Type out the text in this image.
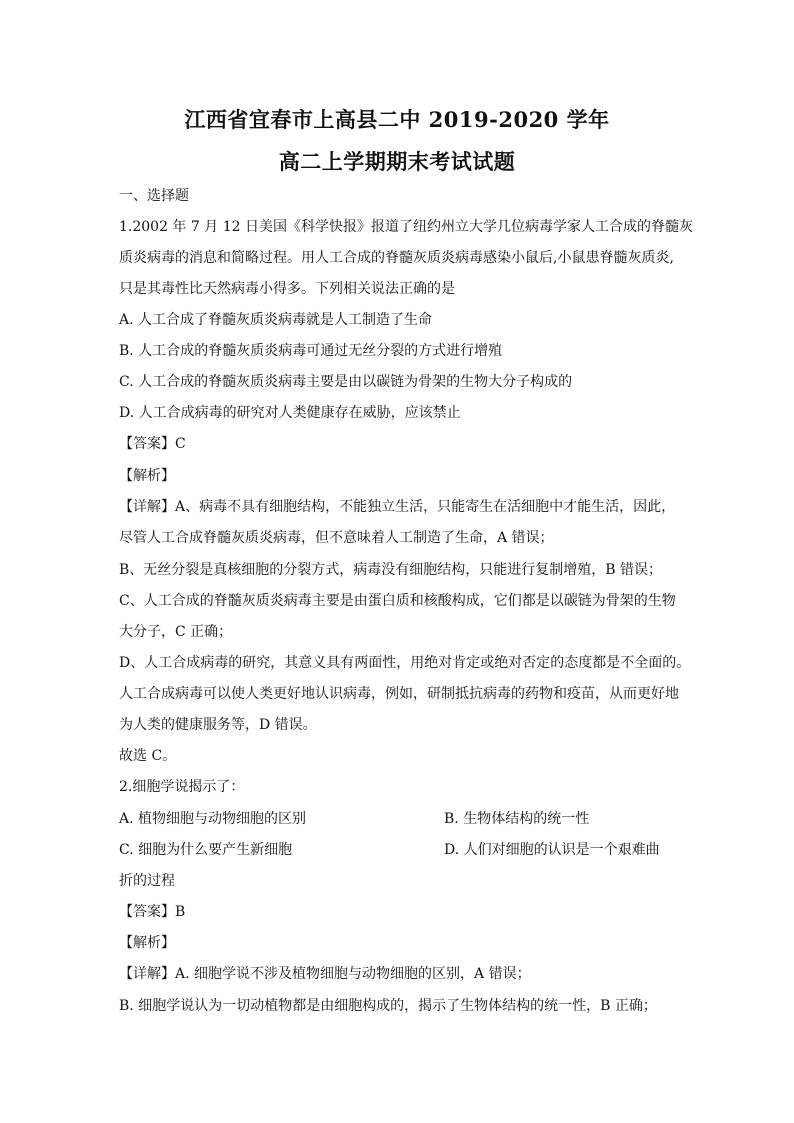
江西省宜春市上高县二中 2019-2020 学年
高二上学期期末考试试题
一、选择题
1.2002 年 7 月 12 日美国《科学快报》报道了纽约州立大学几位病毒学家人工合成的脊髓灰
质炎病毒的消息和简略过程。用人工合成的脊髓灰质炎病毒感染小鼠后,小鼠患脊髓灰质炎,
只是其毒性比天然病毒小得多。下列相关说法正确的是
A. 人工合成了脊髓灰质炎病毒就是人工制造了生命
B. 人工合成的脊髓灰质炎病毒可通过无丝分裂的方式进行增殖
C. 人工合成的脊髓灰质炎病毒主要是由以碳链为骨架的生物大分子构成的
D. 人工合成病毒的研究对人类健康存在威胁，应该禁止
【答案】C
【解析】
【详解】A、病毒不具有细胞结构，不能独立生活，只能寄生在活细胞中才能生活，因此，
尽管人工合成脊髓灰质炎病毒，但不意味着人工制造了生命，A 错误；
B、无丝分裂是真核细胞的分裂方式，病毒没有细胞结构，只能进行复制增殖，B 错误；
C、人工合成的脊髓灰质炎病毒主要是由蛋白质和核酸构成，它们都是以碳链为骨架的生物
大分子，C 正确；
D、人工合成病毒的研究，其意义具有两面性，用绝对肯定或绝对否定的态度都是不全面的。
人工合成病毒可以使人类更好地认识病毒，例如，研制抵抗病毒的药物和疫苗，从而更好地
为人类的健康服务等，D 错误。
故选 C。
2.细胞学说揭示了：
A. 植物细胞与动物细胞的区别	B. 生物体结构的统一性
C. 细胞为什么要产生新细胞	D. 人们对细胞的认识是一个艰难曲
折的过程
【答案】B
【解析】
【详解】A. 细胞学说不涉及植物细胞与动物细胞的区别，A 错误；
B. 细胞学说认为一切动植物都是由细胞构成的，揭示了生物体结构的统一性，B 正确；
